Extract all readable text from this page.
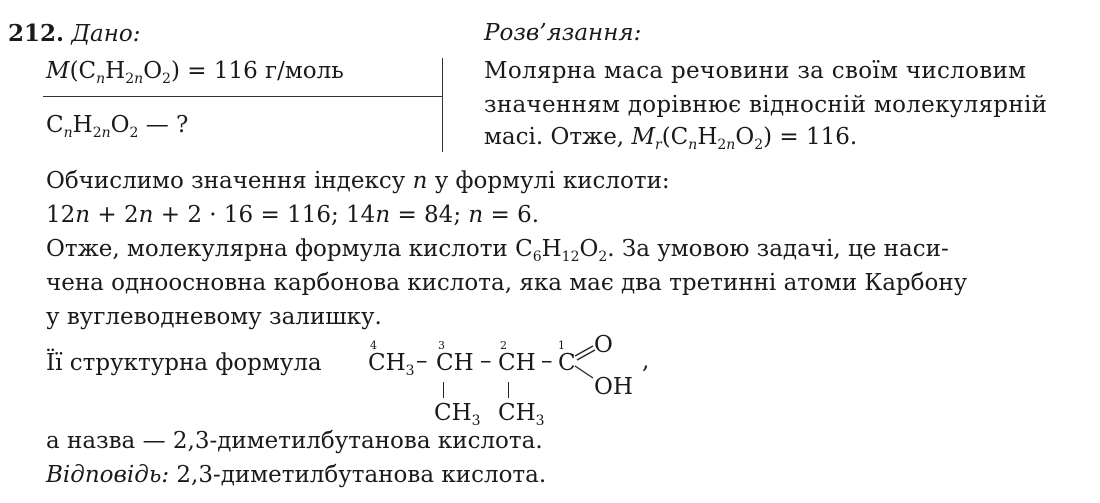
212. Дано:
$M(C_nH_{2n}O_2) = 116$ г/моль
$C_nH_{2n}O_2$ — ?
Розв’язання:
Молярна маса речовини за своїм числовим
значенням дорівнює відносній молекулярній
масі. Отже, $M_r(C_nH_{2n}O_2) = 116$.
Обчислимо значення індексу n у формулі кислоти:
12n + 2n + 2 · 16 = 116; 14n = 84; n = 6.
Отже, молекулярна формула кислоти $C_6H_{12}O_2$. За умовою задачі, це наси-
чена одноосновна карбонова кислота, яка має два третинні атоми Карбону
у вуглеводневому залишку.
Її структурна формула
4
$CH_3$ –
3
CH –
2
CH –
1
C
O
OH
$CH_3$ $CH_3$
,
а назва — 2,3-диметилбутанова кислота.
Відповідь: 2,3-диметилбутанова кислота.
